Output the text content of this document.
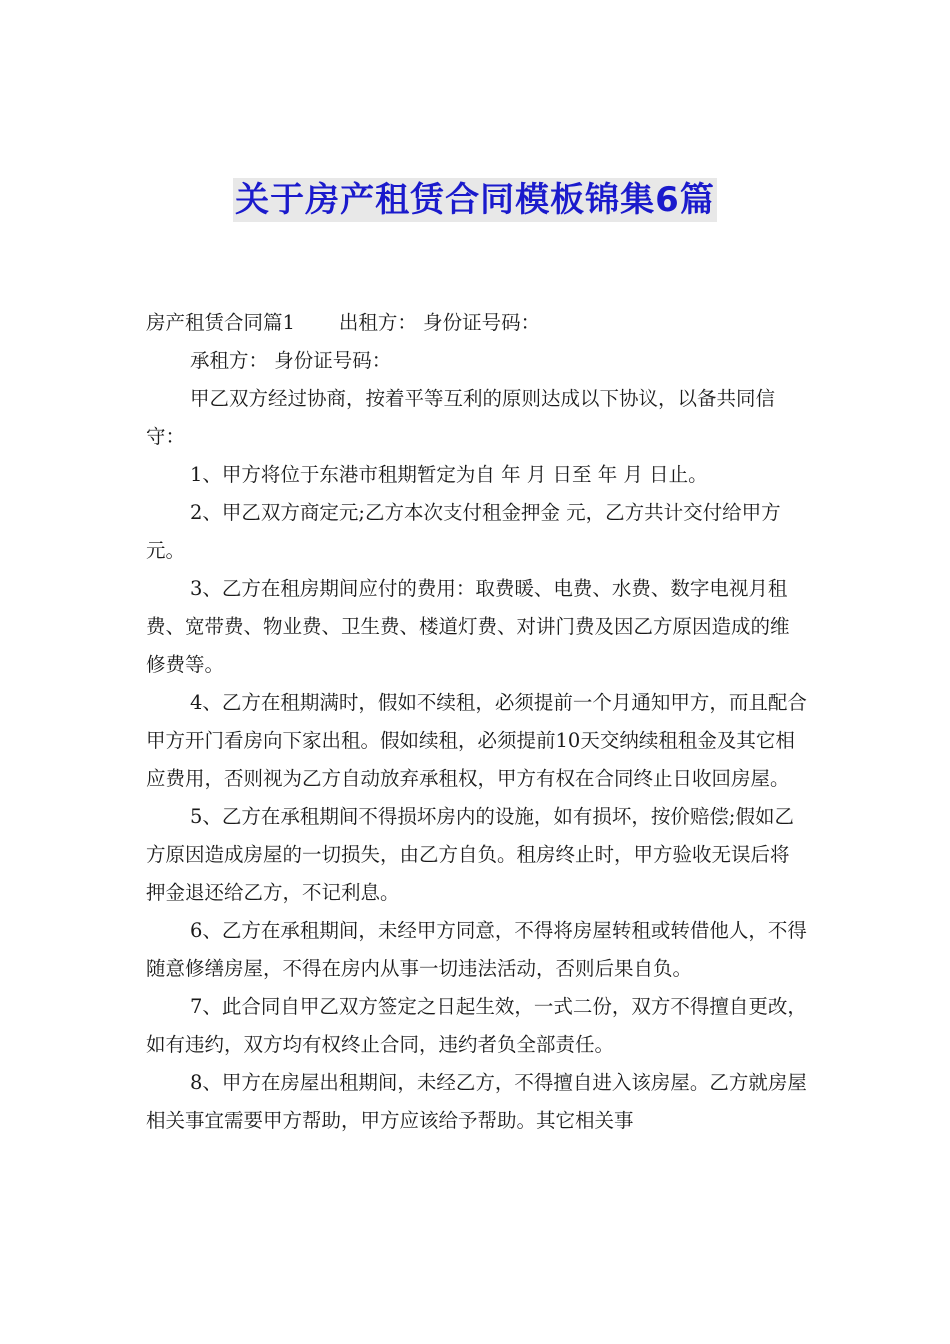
关于房产租赁合同模板锦集6篇

房产租赁合同篇1 出租方： 身份证号码：

承租方： 身份证号码：

甲乙双方经过协商，按着平等互利的原则达成以下协议，以备共同信守：

1、甲方将位于东港市租期暂定为自 年 月 日至 年 月 日止。

2、甲乙双方商定元;乙方本次支付租金押金 元，乙方共计交付给甲方 元。

3、乙方在租房期间应付的费用：取费暖、电费、水费、数字电视月租费、宽带费、物业费、卫生费、楼道灯费、对讲门费及因乙方原因造成的维修费等。

4、乙方在租期满时，假如不续租，必须提前一个月通知甲方，而且配合甲方开门看房向下家出租。假如续租，必须提前10天交纳续租租金及其它相应费用，否则视为乙方自动放弃承租权，甲方有权在合同终止日收回房屋。

5、乙方在承租期间不得损坏房内的设施，如有损坏，按价赔偿;假如乙方原因造成房屋的一切损失，由乙方自负。租房终止时，甲方验收无误后将押金退还给乙方，不记利息。

6、乙方在承租期间，未经甲方同意，不得将房屋转租或转借他人，不得随意修缮房屋，不得在房内从事一切违法活动，否则后果自负。

7、此合同自甲乙双方签定之日起生效，一式二份，双方不得擅自更改，如有违约，双方均有权终止合同，违约者负全部责任。

8、甲方在房屋出租期间，未经乙方，不得擅自进入该房屋。乙方就房屋相关事宜需要甲方帮助，甲方应该给予帮助。其它相关事
